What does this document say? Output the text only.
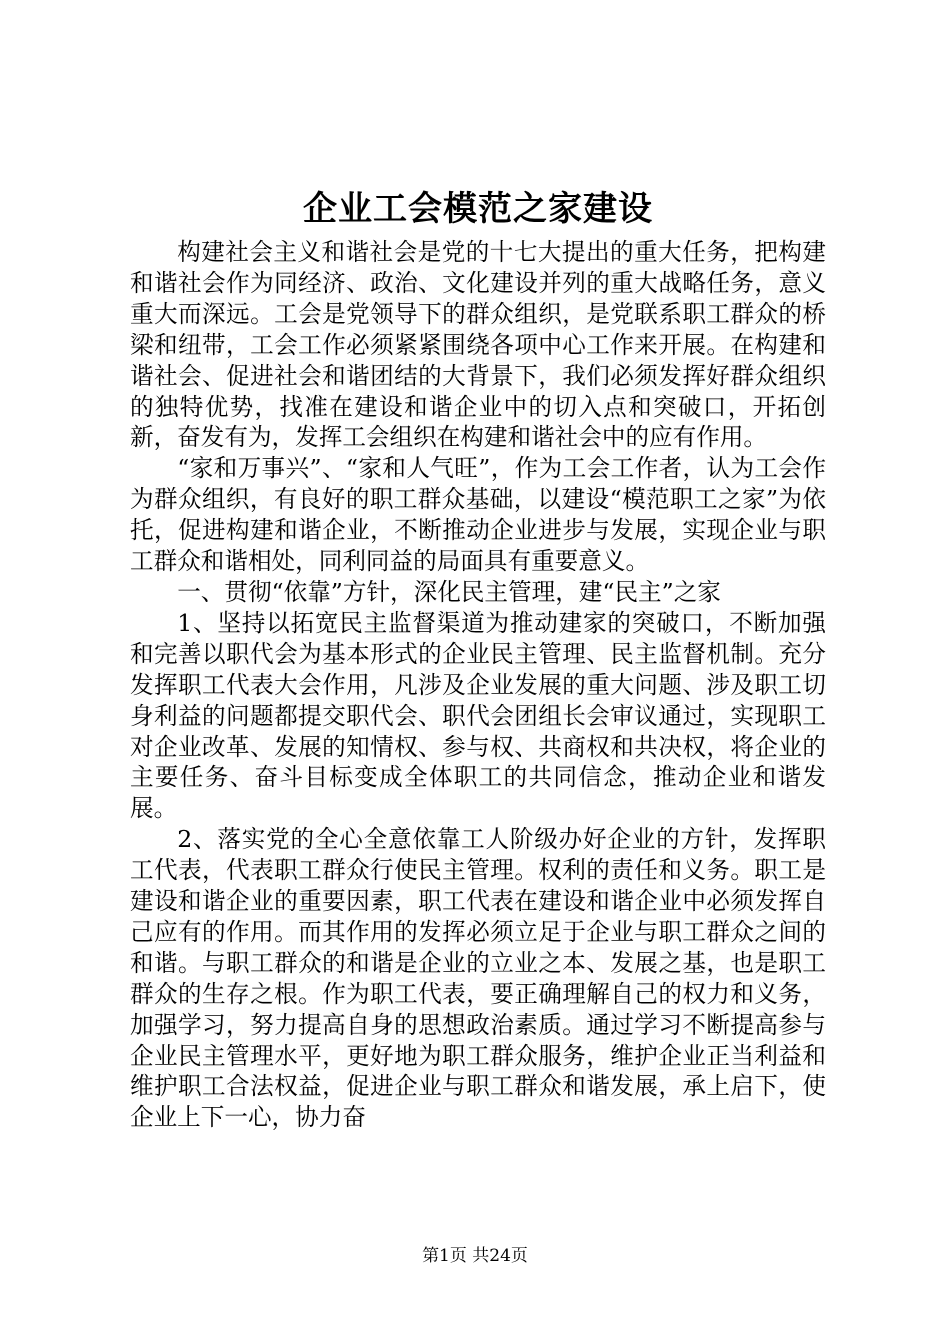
企业工会模范之家建设

构建社会主义和谐社会是党的十七大提出的重大任务，把构建和谐社会作为同经济、政治、文化建设并列的重大战略任务，意义重大而深远。工会是党领导下的群众组织，是党联系职工群众的桥梁和纽带，工会工作必须紧紧围绕各项中心工作来开展。在构建和谐社会、促进社会和谐团结的大背景下，我们必须发挥好群众组织的独特优势，找准在建设和谐企业中的切入点和突破口，开拓创新，奋发有为，发挥工会组织在构建和谐社会中的应有作用。

“家和万事兴”、“家和人气旺”，作为工会工作者，认为工会作为群众组织，有良好的职工群众基础，以建设“模范职工之家”为依托，促进构建和谐企业，不断推动企业进步与发展，实现企业与职工群众和谐相处，同利同益的局面具有重要意义。

一、贯彻“依靠”方针，深化民主管理，建“民主”之家

1、坚持以拓宽民主监督渠道为推动建家的突破口，不断加强和完善以职代会为基本形式的企业民主管理、民主监督机制。充分发挥职工代表大会作用，凡涉及企业发展的重大问题、涉及职工切身利益的问题都提交职代会、职代会团组长会审议通过，实现职工对企业改革、发展的知情权、参与权、共商权和共决权，将企业的主要任务、奋斗目标变成全体职工的共同信念，推动企业和谐发展。

2、落实党的全心全意依靠工人阶级办好企业的方针，发挥职工代表，代表职工群众行使民主管理。权利的责任和义务。职工是建设和谐企业的重要因素，职工代表在建设和谐企业中必须发挥自己应有的作用。而其作用的发挥必须立足于企业与职工群众之间的和谐。与职工群众的和谐是企业的立业之本、发展之基，也是职工群众的生存之根。作为职工代表，要正确理解自己的权力和义务，加强学习，努力提高自身的思想政治素质。通过学习不断提高参与企业民主管理水平，更好地为职工群众服务，维护企业正当利益和维护职工合法权益，促进企业与职工群众和谐发展，承上启下，使企业上下一心，协力奋

第1页 共24页
